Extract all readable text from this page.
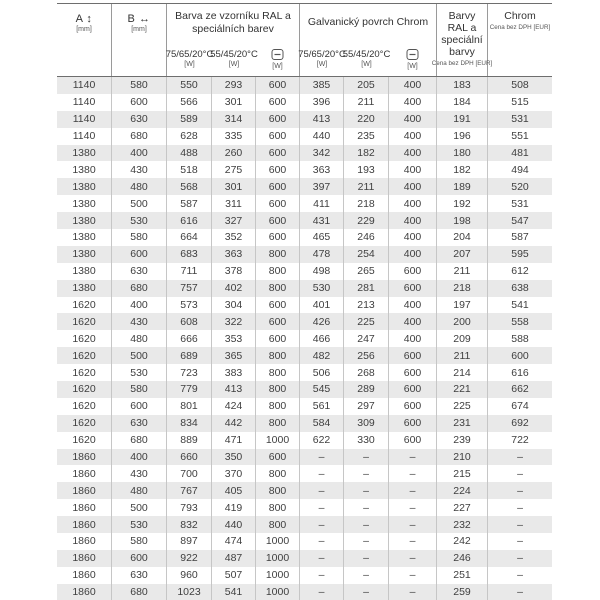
A ↕
[mm]
B ↔
[mm]
Barva ze vzorníku RAL a speciálních barev
Galvanický povrch Chrom
Barvy RAL a speciální barvy
Cena bez DPH [EUR]
Chrom
Cena bez DPH [EUR]
75/65/20°C
[W]
55/45/20°C
[W]	[W]
75/65/20°C
[W]
55/45/20°C
[W]	[W]
1140	580	550	293	600	385	205	400	183	508
1140	600	566	301	600	396	211	400	184	515
1140	630	589	314	600	413	220	400	191	531
1140	680	628	335	600	440	235	400	196	551
1380	400	488	260	600	342	182	400	180	481
1380	430	518	275	600	363	193	400	182	494
1380	480	568	301	600	397	211	400	189	520
1380	500	587	311	600	411	218	400	192	531
1380	530	616	327	600	431	229	400	198	547
1380	580	664	352	600	465	246	400	204	587
1380	600	683	363	800	478	254	400	207	595
1380	630	711	378	800	498	265	600	211	612
1380	680	757	402	800	530	281	600	218	638
1620	400	573	304	600	401	213	400	197	541
1620	430	608	322	600	426	225	400	200	558
1620	480	666	353	600	466	247	400	209	588
1620	500	689	365	800	482	256	600	211	600
1620	530	723	383	800	506	268	600	214	616
1620	580	779	413	800	545	289	600	221	662
1620	600	801	424	800	561	297	600	225	674
1620	630	834	442	800	584	309	600	231	692
1620	680	889	471	1000	622	330	600	239	722
1860	400	660	350	600	–	–	–	210	–
1860	430	700	370	800	–	–	–	215	–
1860	480	767	405	800	–	–	–	224	–
1860	500	793	419	800	–	–	–	227	–
1860	530	832	440	800	–	–	–	232	–
1860	580	897	474	1000	–	–	–	242	–
1860	600	922	487	1000	–	–	–	246	–
1860	630	960	507	1000	–	–	–	251	–
1860	680	1023	541	1000	–	–	–	259	–
